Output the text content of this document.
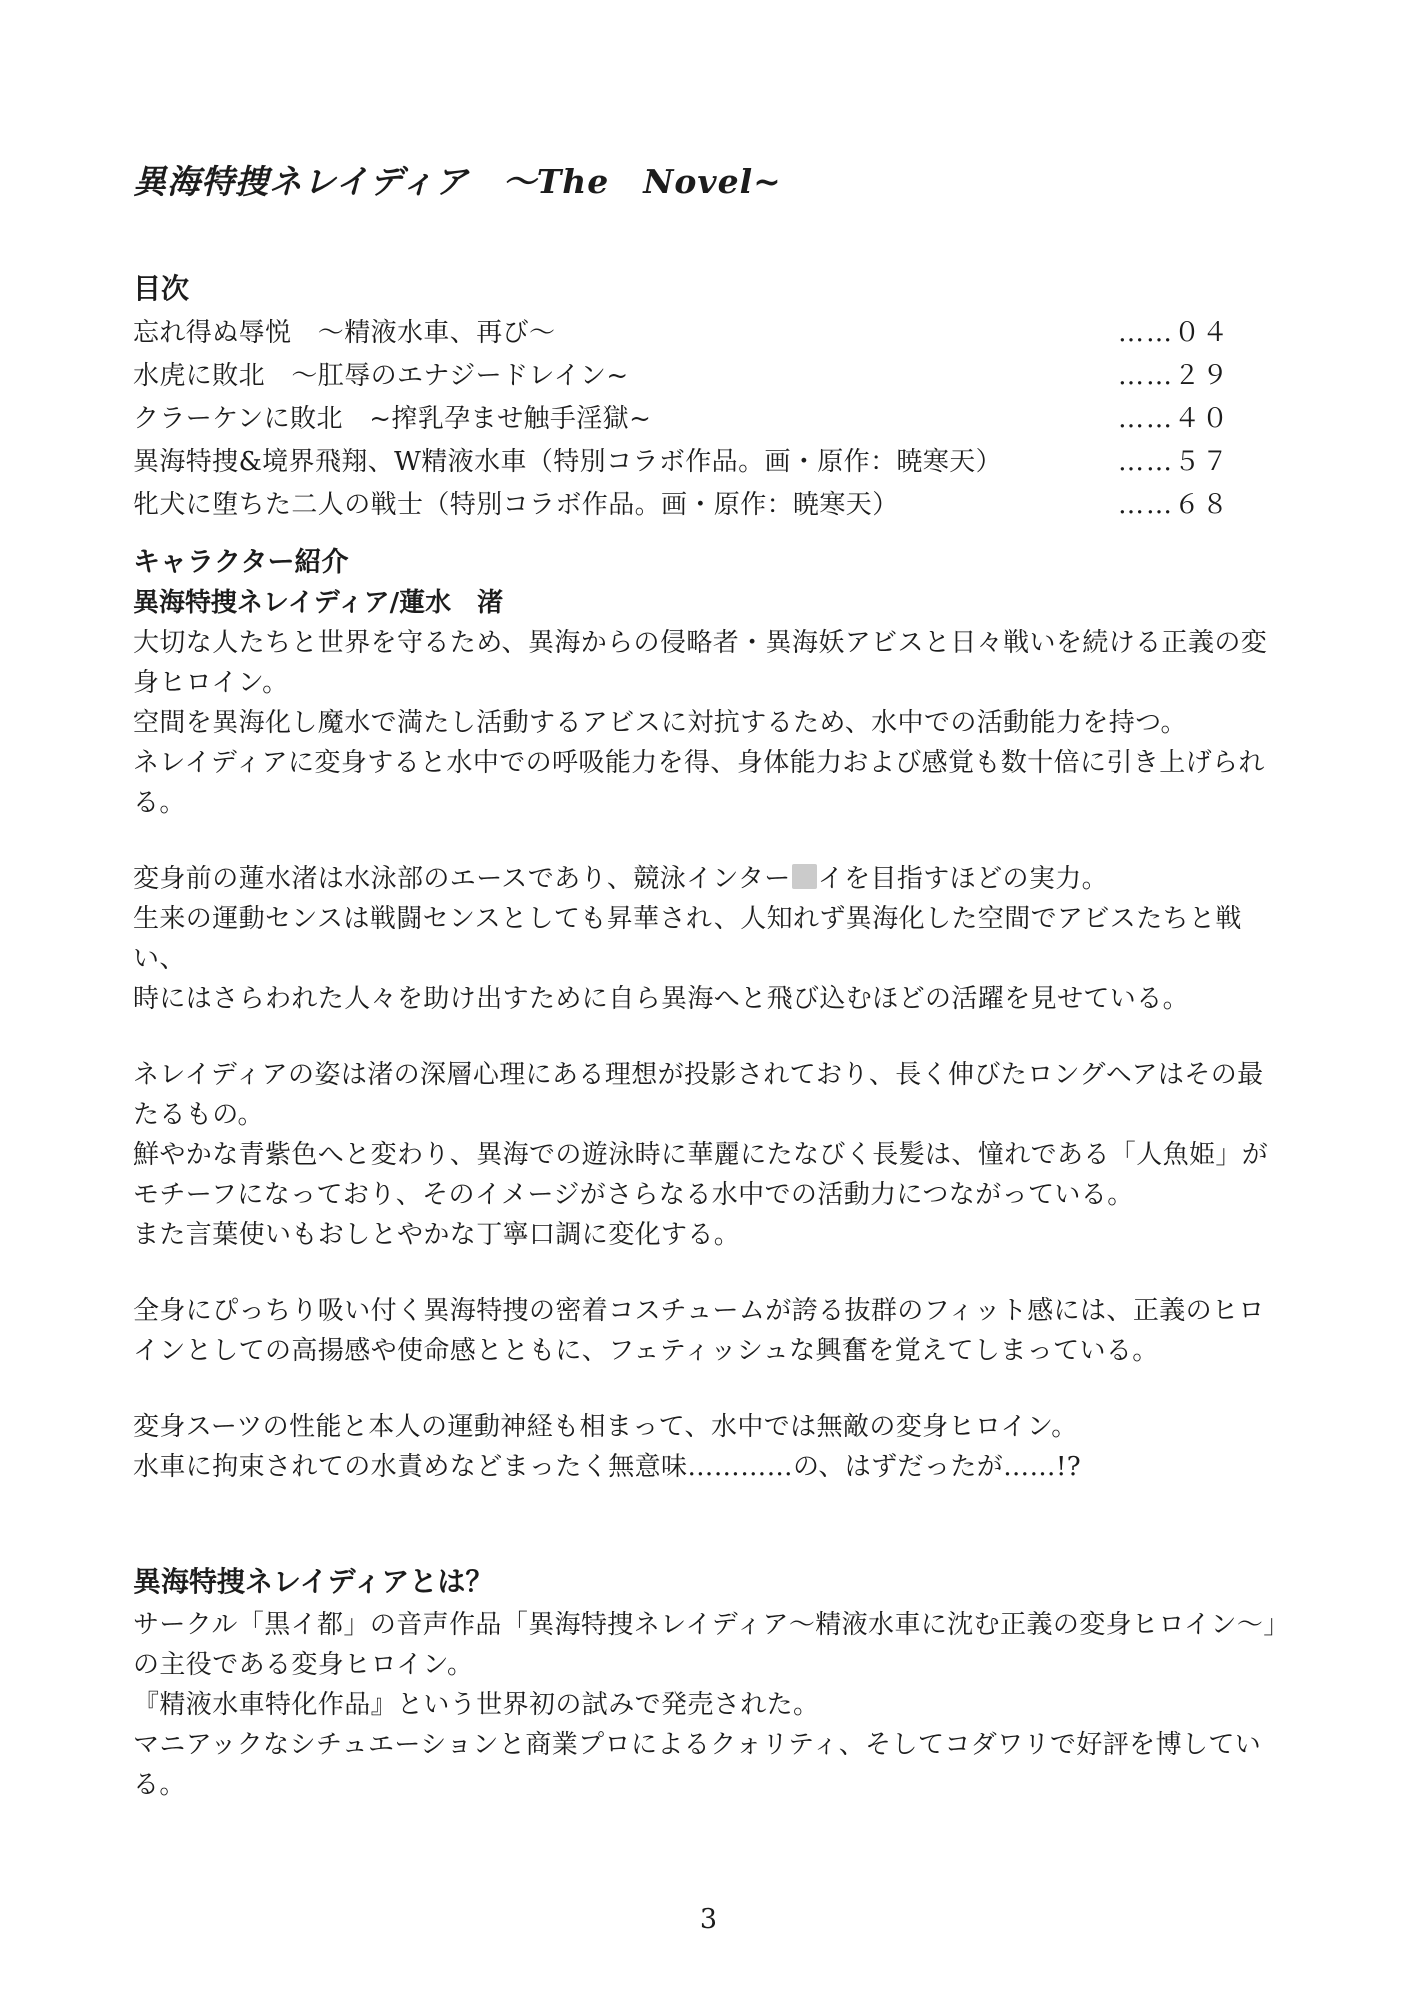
異海特捜ネレイディア　～The　Novel~
目次
忘れ得ぬ辱悦　～精液水車、再び～	……０４
水虎に敗北　～肛辱のエナジードレイン~	……２９
クラーケンに敗北　~搾乳孕ませ触手淫獄~	……４０
異海特捜&境界飛翔、W精液水車（特別コラボ作品。画・原作：暁寒天）	……５７
牝犬に堕ちた二人の戦士（特別コラボ作品。画・原作：暁寒天）	……６８
キャラクター紹介
異海特捜ネレイディア/蓮水　渚
大切な人たちと世界を守るため、異海からの侵略者・異海妖アビスと日々戦いを続ける正義の変
身ヒロイン。
空間を異海化し魔水で満たし活動するアビスに対抗するため、水中での活動能力を持つ。
ネレイディアに変身すると水中での呼吸能力を得、身体能力および感覚も数十倍に引き上げられ
る。
変身前の蓮水渚は水泳部のエースであり、競泳インター イを目指すほどの実力。
生来の運動センスは戦闘センスとしても昇華され、人知れず異海化した空間でアビスたちと戦い、
時にはさらわれた人々を助け出すために自ら異海へと飛び込むほどの活躍を見せている。
ネレイディアの姿は渚の深層心理にある理想が投影されており、長く伸びたロングヘアはその最
たるもの。
鮮やかな青紫色へと変わり、異海での遊泳時に華麗にたなびく長髪は、憧れである「人魚姫」が
モチーフになっており、そのイメージがさらなる水中での活動力につながっている。
また言葉使いもおしとやかな丁寧口調に変化する。
全身にぴっちり吸い付く異海特捜の密着コスチュームが誇る抜群のフィット感には、正義のヒロ
インとしての高揚感や使命感とともに、フェティッシュな興奮を覚えてしまっている。
変身スーツの性能と本人の運動神経も相まって、水中では無敵の変身ヒロイン。
水車に拘束されての水責めなどまったく無意味…………の、はずだったが……!?
異海特捜ネレイディアとは？
サークル「黒イ都」の音声作品「異海特捜ネレイディア～精液水車に沈む正義の変身ヒロイン～」
の主役である変身ヒロイン。
『精液水車特化作品』という世界初の試みで発売された。
マニアックなシチュエーションと商業プロによるクォリティ、そしてコダワリで好評を博してい
る。
3
